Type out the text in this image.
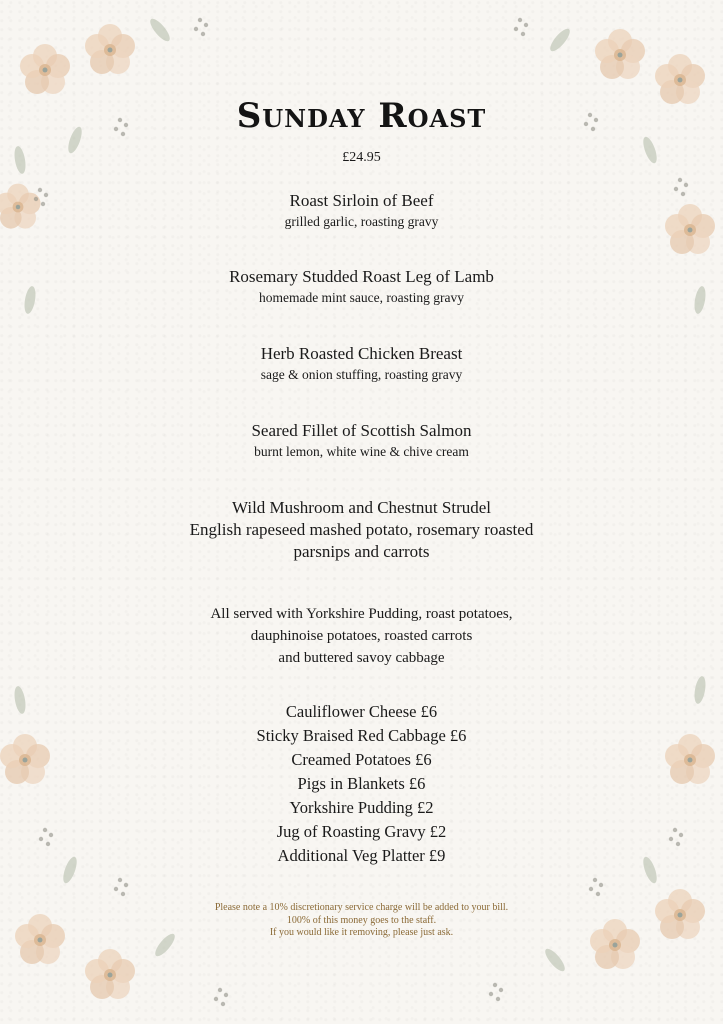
Sunday Roast
£24.95
Roast Sirloin of Beef
grilled garlic, roasting gravy
Rosemary Studded Roast Leg of Lamb
homemade mint sauce, roasting gravy
Herb Roasted Chicken Breast
sage & onion stuffing, roasting gravy
Seared Fillet of Scottish Salmon
burnt lemon, white wine & chive cream
Wild Mushroom and Chestnut Strudel
English rapeseed mashed potato, rosemary roasted
parsnips and carrots
All served with Yorkshire Pudding, roast potatoes,
dauphinoise potatoes, roasted carrots
and buttered savoy cabbage
Cauliflower Cheese £6
Sticky Braised Red Cabbage £6
Creamed Potatoes £6
Pigs in Blankets £6
Yorkshire Pudding £2
Jug of Roasting Gravy £2
Additional Veg Platter £9
Please note a 10% discretionary service charge will be added to your bill.
100% of this money goes to the staff.
If you would like it removing, please just ask.
